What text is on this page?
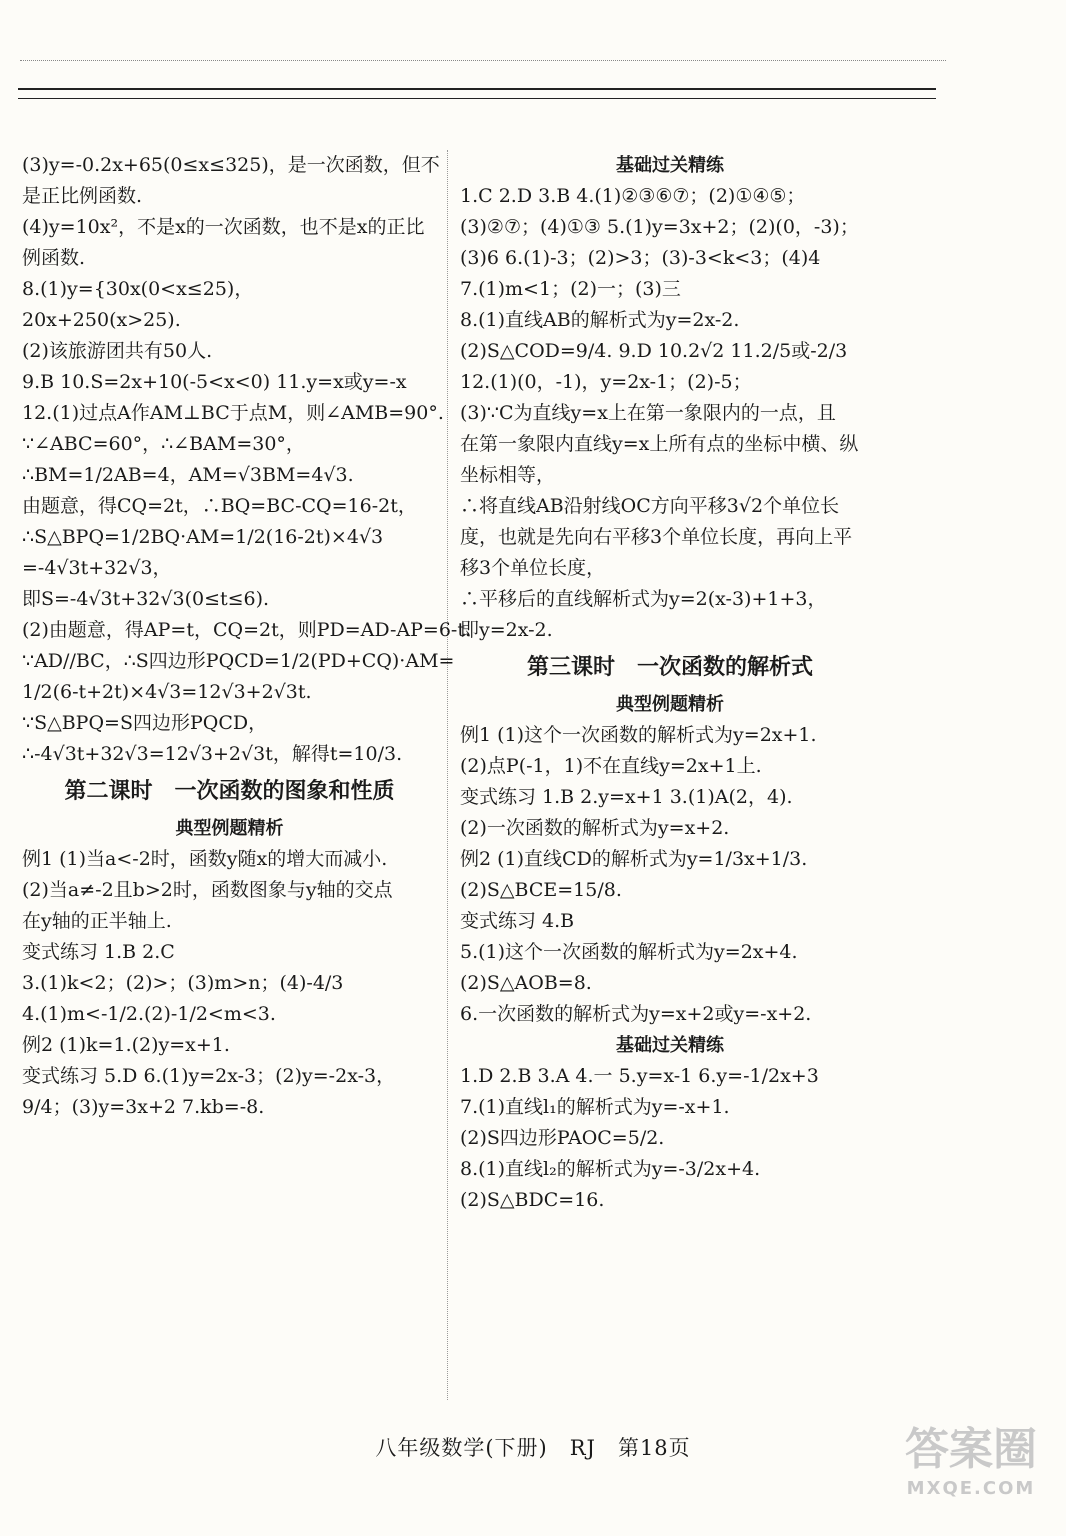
(3)y=-0.2x+65(0≤x≤325)，是一次函数，但不
是正比例函数.
(4)y=10x²，不是x的一次函数，也不是x的正比
例函数.
8.(1)y={30x(0<x≤25)，
20x+250(x>25).
(2)该旅游团共有50人.
9.B 10.S=2x+10(-5<x<0) 11.y=x或y=-x
12.(1)过点A作AM⊥BC于点M，则∠AMB=90°.
∵∠ABC=60°，∴∠BAM=30°，
∴BM=1/2AB=4，AM=√3BM=4√3.
由题意，得CQ=2t，∴BQ=BC-CQ=16-2t，
∴S△BPQ=1/2BQ·AM=1/2(16-2t)×4√3
=-4√3t+32√3，
即S=-4√3t+32√3(0≤t≤6).
(2)由题意，得AP=t，CQ=2t，则PD=AD-AP=6-t.
∵AD//BC，∴S四边形PQCD=1/2(PD+CQ)·AM=
1/2(6-t+2t)×4√3=12√3+2√3t.
∵S△BPQ=S四边形PQCD，
∴-4√3t+32√3=12√3+2√3t，解得t=10/3.
第二课时　一次函数的图象和性质
典型例题精析
例1 (1)当a<-2时，函数y随x的增大而减小.
(2)当a≠-2且b>2时，函数图象与y轴的交点
在y轴的正半轴上.
变式练习 1.B 2.C
3.(1)k<2；(2)>；(3)m>n；(4)-4/3
4.(1)m<-1/2.(2)-1/2<m<3.
例2 (1)k=1.(2)y=x+1.
变式练习 5.D 6.(1)y=2x-3；(2)y=-2x-3，
9/4；(3)y=3x+2 7.kb=-8.
基础过关精练
1.C 2.D 3.B 4.(1)②③⑥⑦；(2)①④⑤；
(3)②⑦；(4)①③ 5.(1)y=3x+2；(2)(0，-3)；
(3)6 6.(1)-3；(2)>3；(3)-3<k<3；(4)4
7.(1)m<1；(2)一；(3)三
8.(1)直线AB的解析式为y=2x-2.
(2)S△COD=9/4. 9.D 10.2√2 11.2/5或-2/3
12.(1)(0，-1)，y=2x-1；(2)-5；
(3)∵C为直线y=x上在第一象限内的一点，且
在第一象限内直线y=x上所有点的坐标中横、纵
坐标相等，
∴将直线AB沿射线OC方向平移3√2个单位长
度，也就是先向右平移3个单位长度，再向上平
移3个单位长度，
∴平移后的直线解析式为y=2(x-3)+1+3，
即y=2x-2.
第三课时　一次函数的解析式
典型例题精析
例1 (1)这个一次函数的解析式为y=2x+1.
(2)点P(-1，1)不在直线y=2x+1上.
变式练习 1.B 2.y=x+1 3.(1)A(2，4).
(2)一次函数的解析式为y=x+2.
例2 (1)直线CD的解析式为y=1/3x+1/3.
(2)S△BCE=15/8.
变式练习 4.B
5.(1)这个一次函数的解析式为y=2x+4.
(2)S△AOB=8.
6.一次函数的解析式为y=x+2或y=-x+2.
基础过关精练
1.D 2.B 3.A 4.一 5.y=x-1 6.y=-1/2x+3
7.(1)直线l₁的解析式为y=-x+1.
(2)S四边形PAOC=5/2.
8.(1)直线l₂的解析式为y=-3/2x+4.
(2)S△BDC=16.
八年级数学(下册)　RJ　第18页	答案圈
MXQE.COM
